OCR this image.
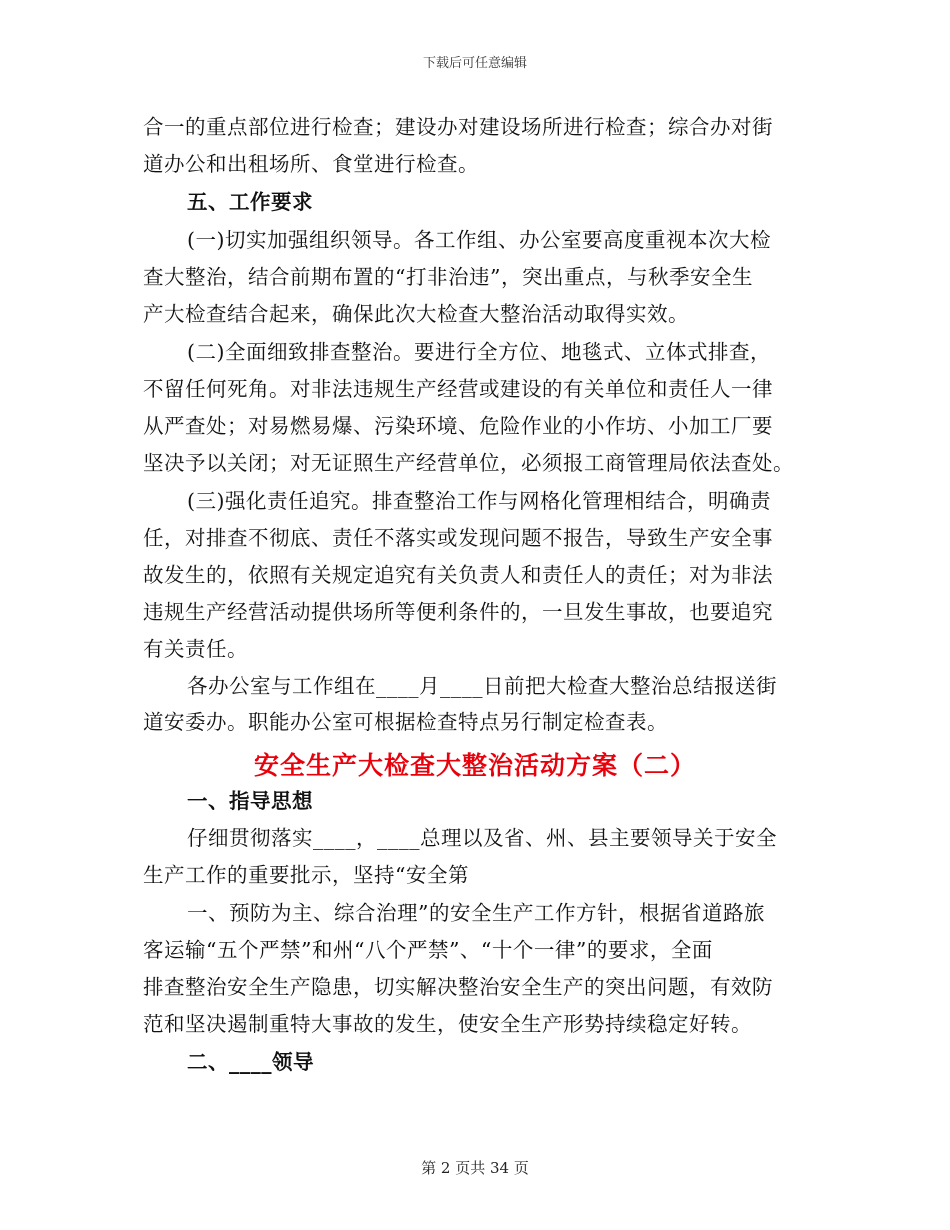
下载后可任意编辑
合一的重点部位进行检查；建设办对建设场所进行检查；综合办对街
道办公和出租场所、食堂进行检查。
五、工作要求
(一)切实加强组织领导。各工作组、办公室要高度重视本次大检
查大整治，结合前期布置的“打非治违”，突出重点，与秋季安全生
产大检查结合起来，确保此次大检查大整治活动取得实效。
(二)全面细致排查整治。要进行全方位、地毯式、立体式排查，
不留任何死角。对非法违规生产经营或建设的有关单位和责任人一律
从严查处；对易燃易爆、污染环境、危险作业的小作坊、小加工厂要
坚决予以关闭；对无证照生产经营单位，必须报工商管理局依法查处。
(三)强化责任追究。排查整治工作与网格化管理相结合，明确责
任，对排查不彻底、责任不落实或发现问题不报告，导致生产安全事
故发生的，依照有关规定追究有关负责人和责任人的责任；对为非法
违规生产经营活动提供场所等便利条件的，一旦发生事故，也要追究
有关责任。
各办公室与工作组在____月____日前把大检查大整治总结报送街
道安委办。职能办公室可根据检查特点另行制定检查表。
安全生产大检查大整治活动方案（二）
一、指导思想
仔细贯彻落实____，____总理以及省、州、县主要领导关于安全
生产工作的重要批示，坚持“安全第
一、预防为主、综合治理”的安全生产工作方针，根据省道路旅
客运输“五个严禁”和州“八个严禁”、“十个一律”的要求，全面
排查整治安全生产隐患，切实解决整治安全生产的突出问题，有效防
范和坚决遏制重特大事故的发生，使安全生产形势持续稳定好转。
二、____领导
第 2 页共 34 页
